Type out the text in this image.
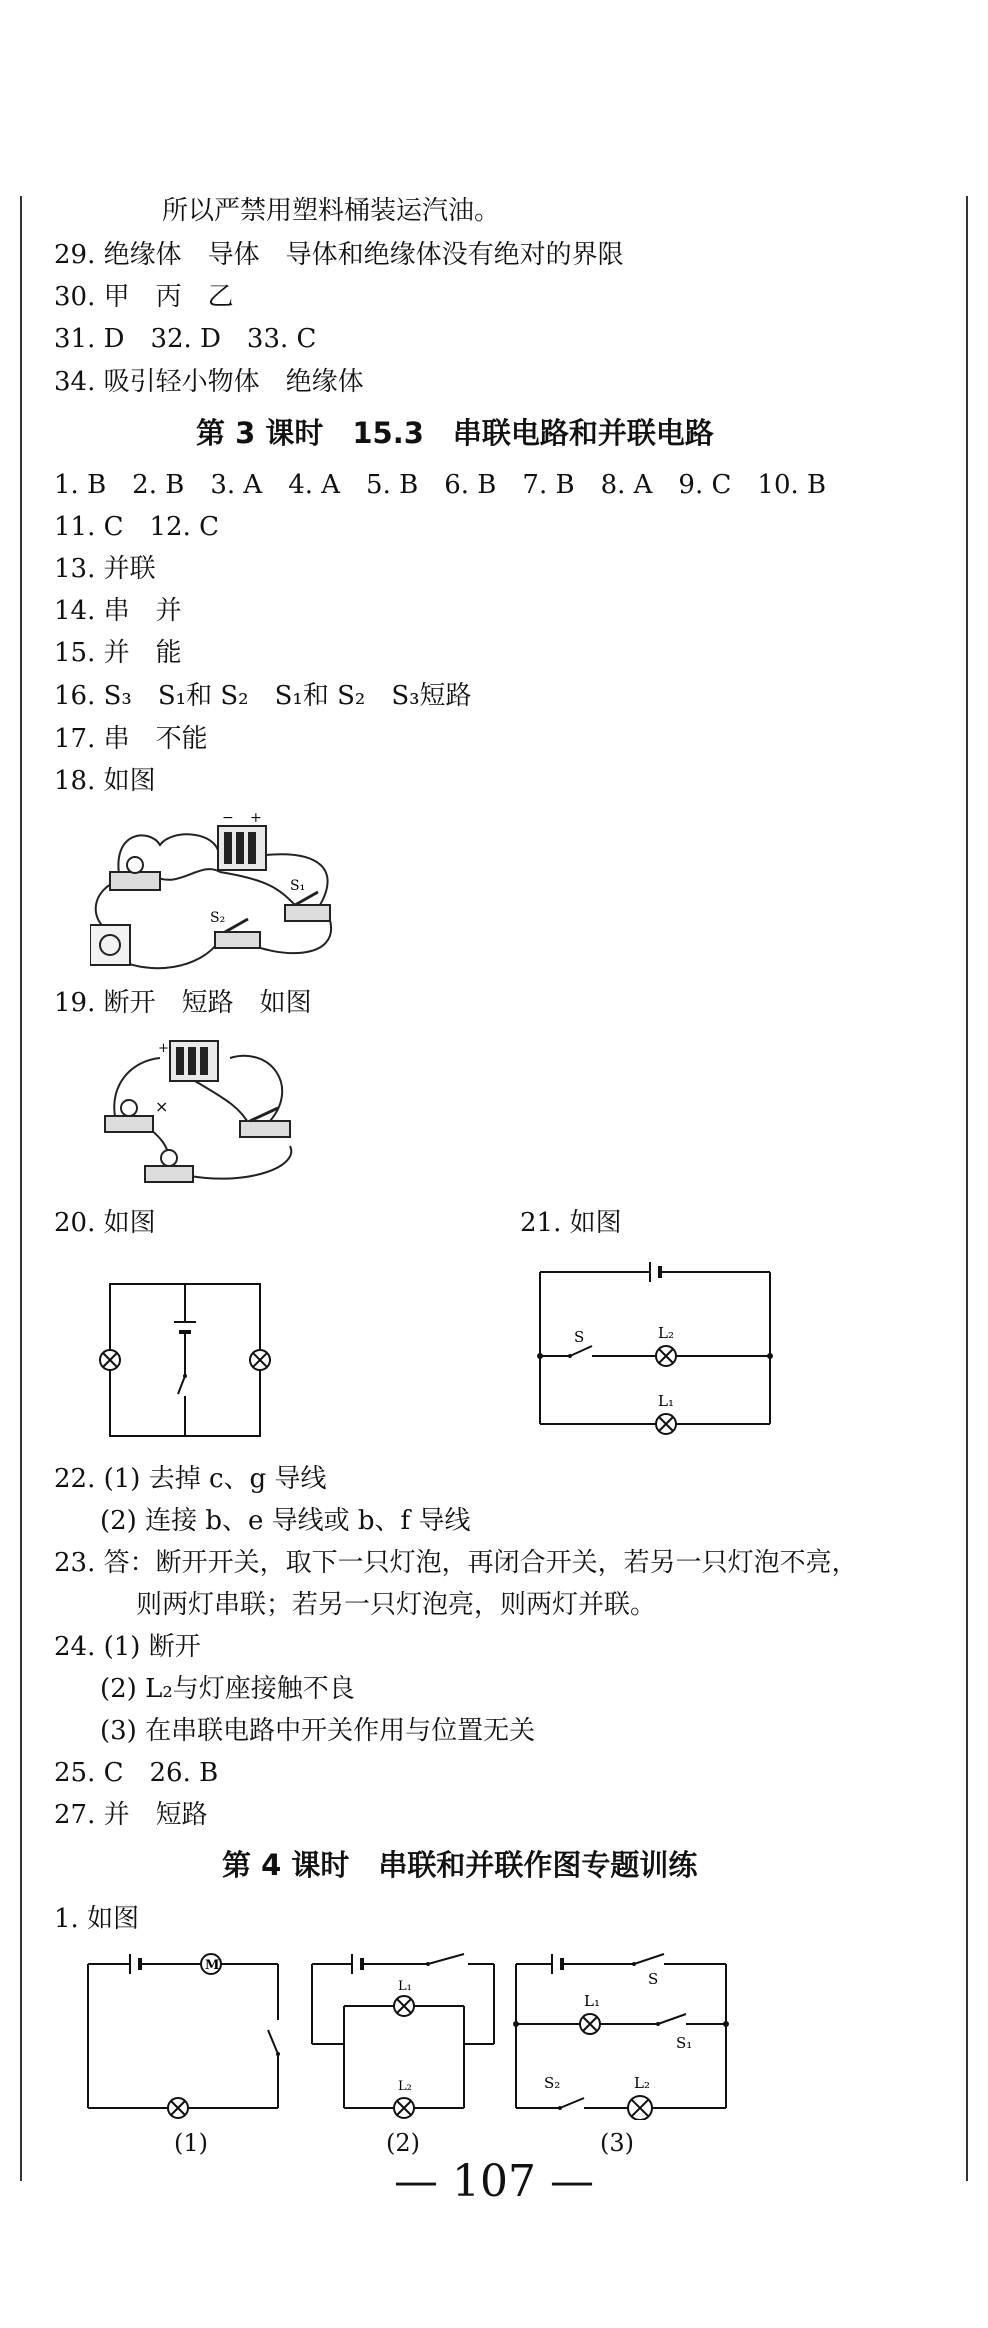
所以严禁用塑料桶装运汽油。
29. 绝缘体　导体　导体和绝缘体没有绝对的界限
30. 甲　丙　乙
31. D　32. D　33. C
34. 吸引轻小物体　绝缘体
第 3 课时　15.3　串联电路和并联电路
1. B　2. B　3. A　4. A　5. B　6. B　7. B　8. A　9. C　10. B
11. C　12. C
13. 并联
14. 串　并
15. 并　能
16. S₃　S₁和 S₂　S₁和 S₂　S₃短路
17. 串　不能
18. 如图
− +
S₁
S₂
19. 断开　短路　如图
+
×
20. 如图	21. 如图
S	L₂
L₁
22. (1) 去掉 c、g 导线
(2) 连接 b、e 导线或 b、f 导线
23. 答：断开开关，取下一只灯泡，再闭合开关，若另一只灯泡不亮，
则两灯串联；若另一只灯泡亮，则两灯并联。
24. (1) 断开
(2) L₂与灯座接触不良
(3) 在串联电路中开关作用与位置无关
25. C　26. B
27. 并　短路
第 4 课时　串联和并联作图专题训练
1. 如图
M
(1)
L₁
L₂
(2)
S
L₁
S₁
S₂	L₂
(3)
— 107 —
